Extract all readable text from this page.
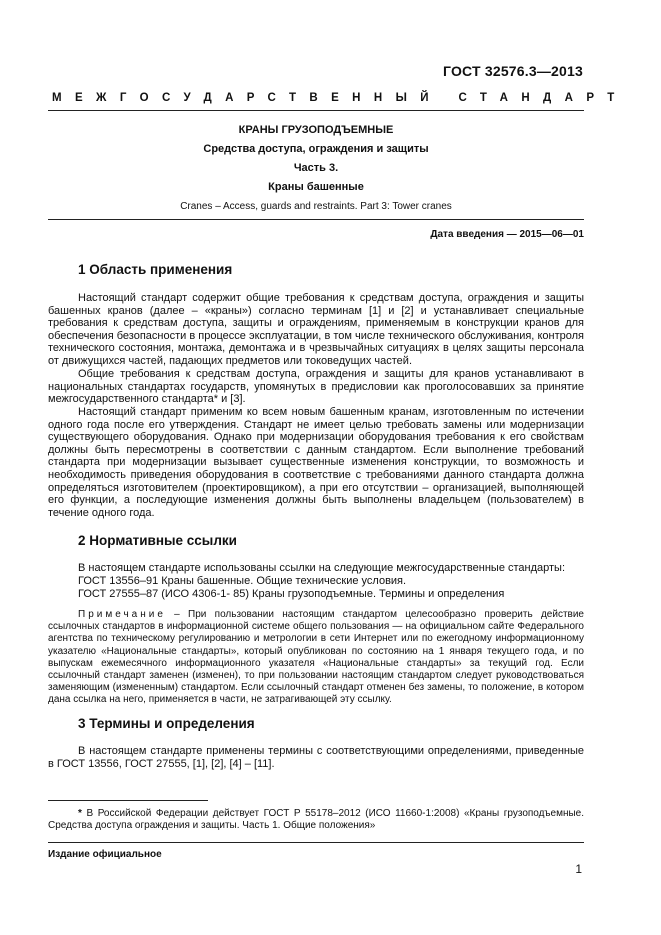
ГОСТ 32576.3—2013
МЕЖГОСУДАРСТВЕННЫЙ СТАНДАРТ
КРАНЫ ГРУЗОПОДЪЕМНЫЕ
Средства доступа, ограждения и защиты
Часть 3.
Краны башенные
Cranes – Access, guards and restraints. Part 3: Tower cranes
Дата введения — 2015—06—01
1 Область применения

Настоящий стандарт содержит общие требования к средствам доступа, ограждения и защиты башенных кранов (далее – «краны») согласно терминам [1] и [2] и устанавливает специальные требования к средствам доступа, защиты и ограждениям, применяемым в конструкции кранов для обеспечения безопасности в процессе эксплуатации, в том числе технического обслуживания, контроля технического состояния, монтажа, демонтажа и в чрезвычайных ситуациях в целях защиты персонала от движущихся частей, падающих предметов или токоведущих частей.

Общие требования к средствам доступа, ограждения и защиты для кранов устанавливают в национальных стандартах государств, упомянутых в предисловии как проголосовавших за принятие межгосударственного стандарта* и [3].

Настоящий стандарт применим ко всем новым башенным кранам, изготовленным по истечении одного года после его утверждения. Стандарт не имеет целью требовать замены или модернизации существующего оборудования. Однако при модернизации оборудования требования к его свойствам должны быть пересмотрены в соответствии с данным стандартом. Если выполнение требований стандарта при модернизации вызывает существенные изменения конструкции, то возможность и необходимость приведения оборудования в соответствие с требованиями данного стандарта должна определяться изготовителем (проектировщиком), а при его отсутствии – организацией, выполняющей его функции, а последующие изменения должны быть выполнены владельцем (пользователем) в течение одного года.

2 Нормативные ссылки
В настоящем стандарте использованы ссылки на следующие межгосударственные стандарты:
ГОСТ 13556–91 Краны башенные. Общие технические условия.
ГОСТ 27555–87 (ИСО 4306-1- 85) Краны грузоподъемные. Термины и определения

Примечание – При пользовании настоящим стандартом целесообразно проверить действие ссылочных стандартов в информационной системе общего пользования — на официальном сайте Федерального агентства по техническому регулированию и метрологии в сети Интернет или по ежегодному информационному указателю «Национальные стандарты», который опубликован по состоянию на 1 января текущего года, и по выпускам ежемесячного информационного указателя «Национальные стандарты» за текущий год. Если ссылочный стандарт заменен (изменен), то при пользовании настоящим стандартом следует руководствоваться заменяющим (измененным) стандартом. Если ссылочный стандарт отменен без замены, то положение, в котором дана ссылка на него, применяется в части, не затрагивающей эту ссылку.

3 Термины и определения

В настоящем стандарте применены термины с соответствующими определениями, приведенные в ГОСТ 13556, ГОСТ 27555, [1], [2], [4] – [11].

* В Российской Федерации действует ГОСТ Р 55178–2012 (ИСО 11660-1:2008) «Краны грузоподъемные. Средства доступа ограждения и защиты. Часть 1. Общие положения»

Издание официальное
1
